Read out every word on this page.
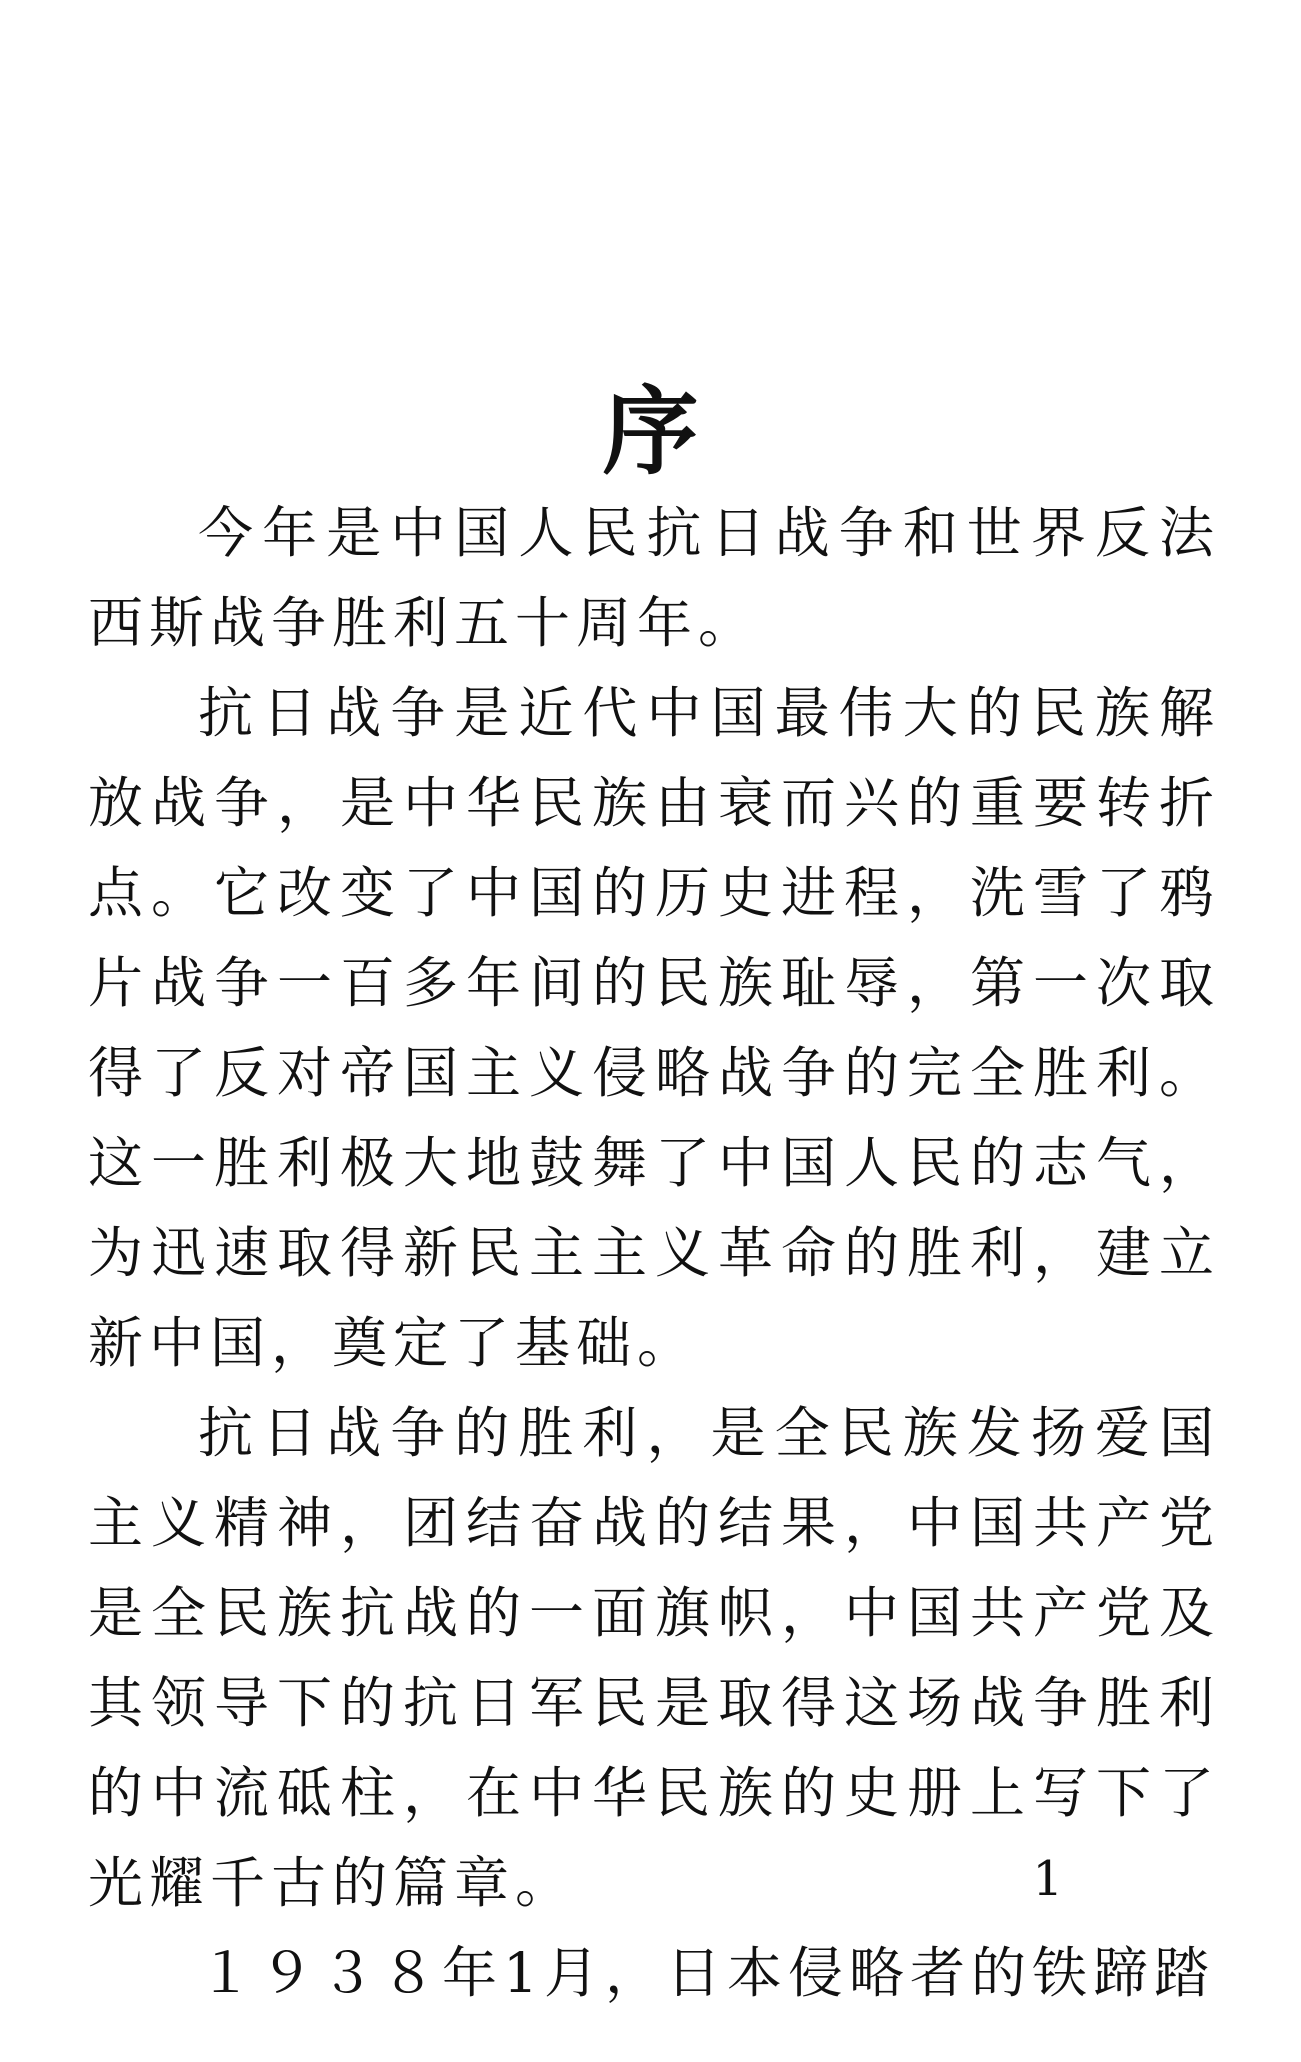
序

今年是中国人民抗日战争和世界反法西斯战争胜利五十周年。

抗日战争是近代中国最伟大的民族解放战争，是中华民族由衰而兴的重要转折点。它改变了中国的历史进程，洗雪了鸦片战争一百多年间的民族耻辱，第一次取得了反对帝国主义侵略战争的完全胜利。这一胜利极大地鼓舞了中国人民的志气，为迅速取得新民主主义革命的胜利，建立新中国，奠定了基础。

抗日战争的胜利，是全民族发扬爱国主义精神，团结奋战的结果，中国共产党是全民族抗战的一面旗帜，中国共产党及其领导下的抗日军民是取得这场战争胜利的中流砥柱，在中华民族的史册上写下了光耀千古的篇章。

１９３８年1月，日本侵略者的铁蹄踏

1
